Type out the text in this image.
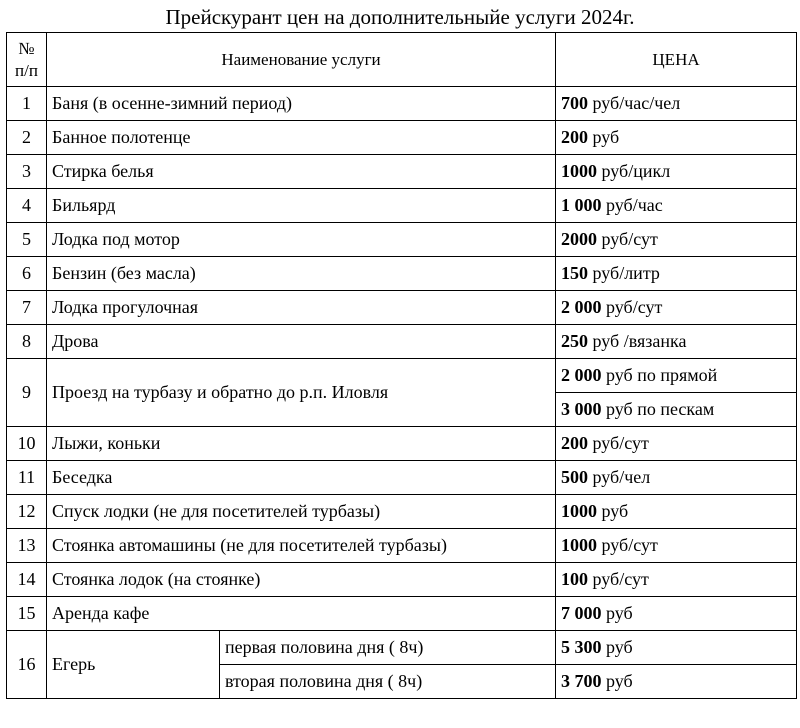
Прейскурант цен на дополнительныйе услуги 2024г.
№
п/п	Наименование услуги		ЦЕНА
1	Баня (в осенне-зимний период)		700 руб/час/чел
2	Банное полотенце		200 руб
3	Стирка белья		1000 руб/цикл
4	Бильярд		1 000 руб/час
5	Лодка под мотор		2000 руб/сут
6	Бензин (без масла)		150 руб/литр
7	Лодка прогулочная		2 000 руб/сут
8	Дрова		250 руб /вязанка
9	Проезд на турбазу и обратно до р.п. Иловля		2 000 руб по прямой
			3 000 руб по пескам
10	Лыжи, коньки		200 руб/сут
11	Беседка		500 руб/чел
12	Спуск лодки (не для посетителей турбазы)		1000 руб
13	Стоянка автомашины (не для посетителей турбазы)		1000 руб/сут
14	Стоянка лодок (на стоянке)		100 руб/сут
15	Аренда кафе		7 000 руб
16	Егерь	первая половина дня ( 8ч)	5 300 руб
		вторая половина дня ( 8ч)	3 700 руб
